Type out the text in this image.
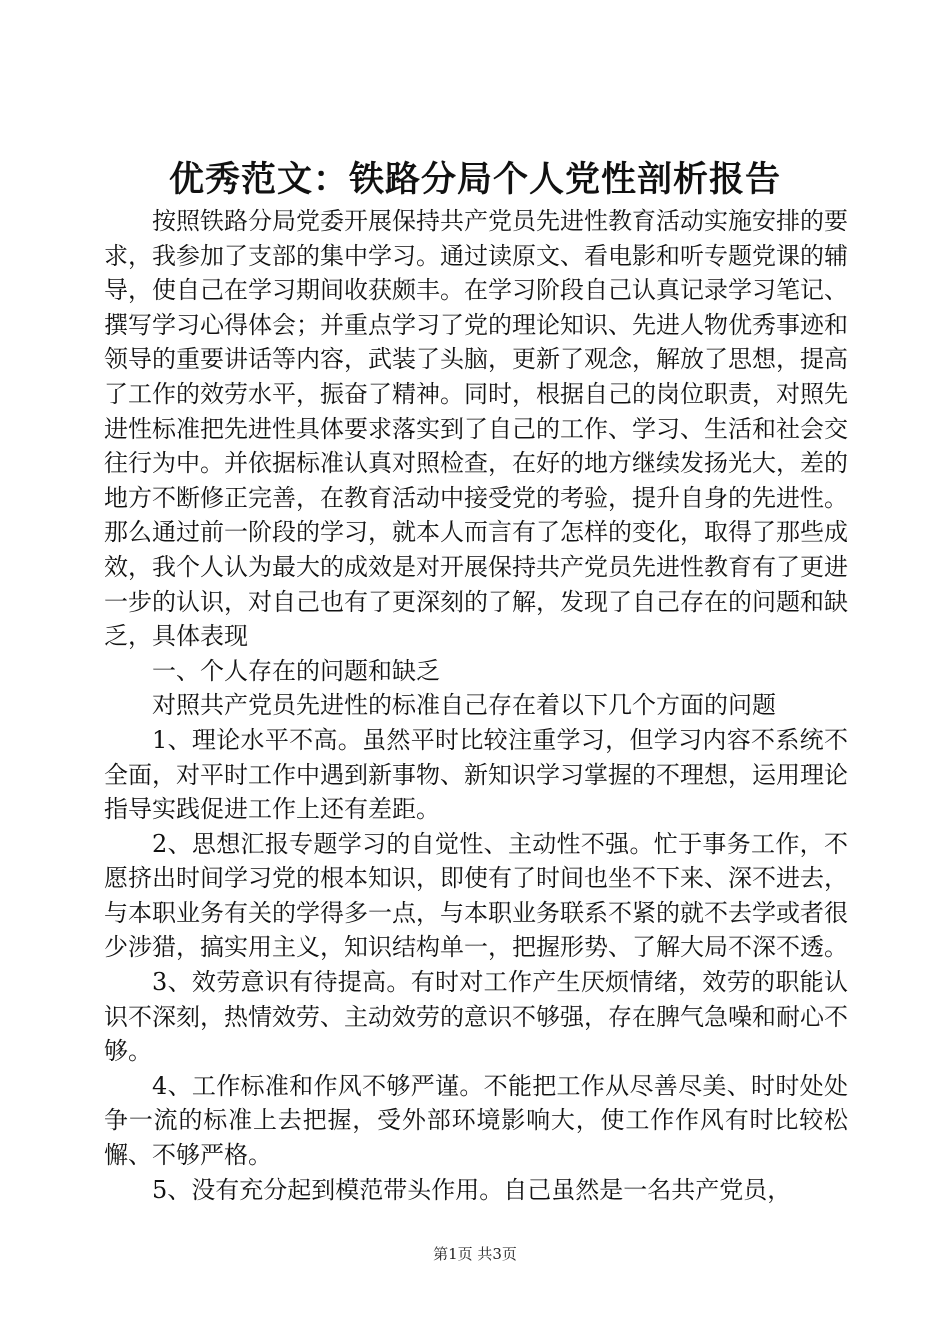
优秀范文：铁路分局个人党性剖析报告

按照铁路分局党委开展保持共产党员先进性教育活动实施安排的要求，我参加了支部的集中学习。通过读原文、看电影和听专题党课的辅导，使自己在学习期间收获颇丰。在学习阶段自己认真记录学习笔记、撰写学习心得体会；并重点学习了党的理论知识、先进人物优秀事迹和领导的重要讲话等内容，武装了头脑，更新了观念，解放了思想，提高了工作的效劳水平，振奋了精神。同时，根据自己的岗位职责，对照先进性标准把先进性具体要求落实到了自己的工作、学习、生活和社会交往行为中。并依据标准认真对照检查，在好的地方继续发扬光大，差的地方不断修正完善，在教育活动中接受党的考验，提升自身的先进性。那么通过前一阶段的学习，就本人而言有了怎样的变化，取得了那些成效，我个人认为最大的成效是对开展保持共产党员先进性教育有了更进一步的认识，对自己也有了更深刻的了解，发现了自己存在的问题和缺乏，具体表现

一、个人存在的问题和缺乏

对照共产党员先进性的标准自己存在着以下几个方面的问题

1、理论水平不高。虽然平时比较注重学习，但学习内容不系统不全面，对平时工作中遇到新事物、新知识学习掌握的不理想，运用理论指导实践促进工作上还有差距。

2、思想汇报专题学习的自觉性、主动性不强。忙于事务工作，不愿挤出时间学习党的根本知识，即使有了时间也坐不下来、深不进去，与本职业务有关的学得多一点，与本职业务联系不紧的就不去学或者很少涉猎，搞实用主义，知识结构单一，把握形势、了解大局不深不透。

3、效劳意识有待提高。有时对工作产生厌烦情绪，效劳的职能认识不深刻，热情效劳、主动效劳的意识不够强，存在脾气急噪和耐心不够。

4、工作标准和作风不够严谨。不能把工作从尽善尽美、时时处处争一流的标准上去把握，受外部环境影响大，使工作作风有时比较松懈、不够严格。

5、没有充分起到模范带头作用。自己虽然是一名共产党员，

第1页 共3页
